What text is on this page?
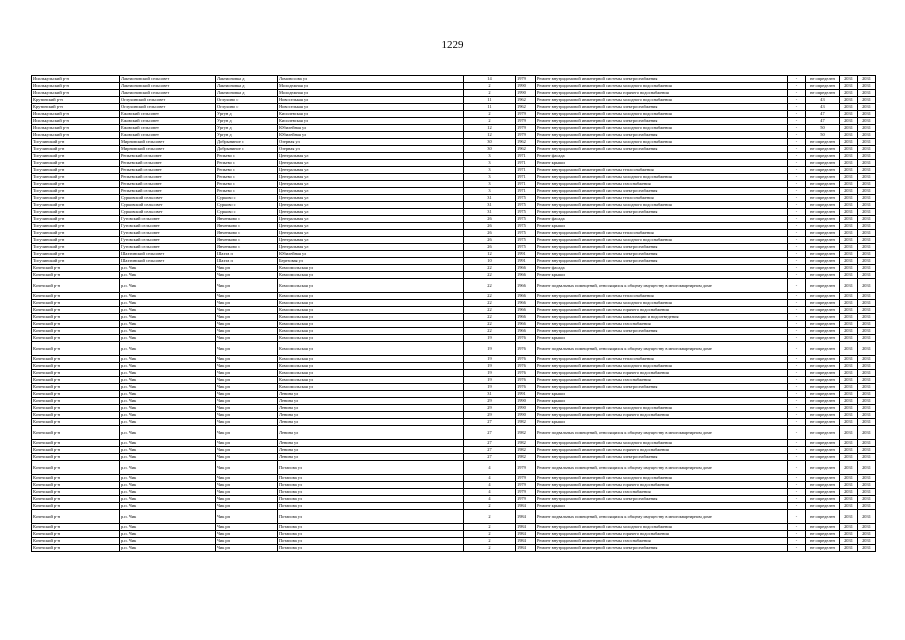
1229
Исилькульский р-н	Лактионовский сельсовет	Лактионовка д	Ломоносова ул	14	1979	Ремонт внутридомовой инженерной системы электроснабжения	-	не определен	2031	2031
Исилькульский р-н	Лактионовский сельсовет	Лактионовка д	Молодежная ул	2	1990	Ремонт внутридомовой инженерной системы холодного водоснабжения	-	не определен	2031	2031
Исилькульский р-н	Лактионовский сельсовет	Лактионовка д	Молодежная ул	2	1990	Ремонт внутридомовой инженерной системы горячего водоснабжения	-	не определен	2031	2031
Крутинский р-н	Оглухинский сельсовет	Оглухино с	Новоселькая ул	11	1962	Ремонт внутридомовой инженерной системы холодного водоснабжения	-	43	2031	2031
Крутинский р-н	Оглухинский сельсовет	Оглухино с	Новоселькая ул	11	1962	Ремонт внутридомовой инженерной системы электроснабжения	-	43	2031	2031
Исилькульский р-н	Ежовский сельсовет	Ургун д	Кисилевская ул	2	1979	Ремонт внутридомовой инженерной системы холодного водоснабжения	-	47	2031	2031
Исилькульский р-н	Ежовский сельсовет	Ургун д	Кисилевская ул	2	1979	Ремонт внутридомовой инженерной системы электроснабжения	-	47	2031	2031
Исилькульский р-н	Ежовский сельсовет	Ургун д	Юбилейная ул	12	1979	Ремонт внутридомовой инженерной системы холодного водоснабжения	-	50	2031	2031
Исилькульский р-н	Ежовский сельсовет	Ургун д	Юбилейная ул	12	1979	Ремонт внутридомовой инженерной системы электроснабжения	-	50	2031	2031
Тогучинский р-н	Мирновский сельсовет	Добрыниное с	Озерная ул	30	1962	Ремонт внутридомовой инженерной системы холодного водоснабжения	-	не определен	2031	2031
Тогучинский р-н	Мирновский сельсовет	Добрыниное с	Озерная ул	30	1962	Ремонт внутридомовой инженерной системы электроснабжения	-	не определен	2031	2031
Тогучинский р-н	Репьевский сельсовет	Репьево с	Центральная ул	3	1971	Ремонт фасада	-	не определен	2031	2031
Тогучинский р-н	Репьевский сельсовет	Репьево с	Центральная ул	3	1971	Ремонт крыши	-	не определен	2031	2031
Тогучинский р-н	Репьевский сельсовет	Репьево с	Центральная ул	3	1971	Ремонт внутридомовой инженерной системы теплоснабжения	-	не определен	2031	2031
Тогучинский р-н	Репьевский сельсовет	Репьево с	Центральная ул	3	1971	Ремонт внутридомовой инженерной системы холодного водоснабжения	-	не определен	2031	2031
Тогучинский р-н	Репьевский сельсовет	Репьево с	Центральная ул	3	1971	Ремонт внутридомовой инженерной системы газоснабжения	-	не определен	2031	2031
Тогучинский р-н	Репьевский сельсовет	Репьево с	Центральная ул	3	1971	Ремонт внутридомовой инженерной системы электроснабжения	-	не определен	2031	2031
Тогучинский р-н	Сурковский сельсовет	Сурково с	Центральная ул	31	1975	Ремонт внутридомовой инженерной системы теплоснабжения	-	не определен	2031	2031
Тогучинский р-н	Сурковский сельсовет	Сурково с	Центральная ул	31	1975	Ремонт внутридомовой инженерной системы холодного водоснабжения	-	не определен	2031	2031
Тогучинский р-н	Сурковский сельсовет	Сурково с	Центральная ул	31	1975	Ремонт внутридомовой инженерной системы электроснабжения	-	не определен	2031	2031
Тогучинский р-н	Гутовский сельсовет	Янченково с	Центральная ул	26	1975	Ремонт фасада	-	не определен	2031	2031
Тогучинский р-н	Гутовский сельсовет	Янченково с	Центральная ул	26	1975	Ремонт крыши	-	не определен	2031	2031
Тогучинский р-н	Гутовский сельсовет	Янченково с	Центральная ул	26	1975	Ремонт внутридомовой инженерной системы теплоснабжения	-	не определен	2031	2031
Тогучинский р-н	Гутовский сельсовет	Янченково с	Центральная ул	26	1975	Ремонт внутридомовой инженерной системы холодного водоснабжения	-	не определен	2031	2031
Тогучинский р-н	Гутовский сельсовет	Янченково с	Центральная ул	26	1975	Ремонт внутридомовой инженерной системы электроснабжения	-	не определен	2031	2031
Тогучинский р-н	Шахтинский сельсовет	Шахта п	Юбилейная ул	12	1991	Ремонт внутридомовой инженерной системы электроснабжения	-	не определен	2031	2031
Тогучинский р-н	Шахтинский сельсовет	Шахта п	Березовая ул	10	1991	Ремонт внутридомовой инженерной системы электроснабжения	-	не определен	2031	2031
Кочечский р-н	р.п. Чик	Чик рп	Комсомольская ул	22	1966	Ремонт фасада	-	не определен	2031	2031
Кочечский р-н	р.п. Чик	Чик рп	Комсомольская ул	22	1966	Ремонт крыши	-	не определен	2031	2031
Кочечский р-н	р.п. Чик	Чик рп	Комсомольская ул	22	1966	Ремонт подвальных помещений, относящихся к общему имуществу в многоквартирном доме	-	не определен	2031	2031
Кочечский р-н	р.п. Чик	Чик рп	Комсомольская ул	22	1966	Ремонт внутридомовой инженерной системы теплоснабжения	-	не определен	2031	2031
Кочечский р-н	р.п. Чик	Чик рп	Комсомольская ул	22	1966	Ремонт внутридомовой инженерной системы холодного водоснабжения	-	не определен	2031	2031
Кочечский р-н	р.п. Чик	Чик рп	Комсомольская ул	22	1966	Ремонт внутридомовой инженерной системы горячего водоснабжения	-	не определен	2031	2031
Кочечский р-н	р.п. Чик	Чик рп	Комсомольская ул	22	1966	Ремонт внутридомовой инженерной системы канализации и водоотведения	-	не определен	2031	2031
Кочечский р-н	р.п. Чик	Чик рп	Комсомольская ул	22	1966	Ремонт внутридомовой инженерной системы газоснабжения	-	не определен	2031	2031
Кочечский р-н	р.п. Чик	Чик рп	Комсомольская ул	22	1966	Ремонт внутридомовой инженерной системы электроснабжения	-	не определен	2031	2031
Кочечский р-н	р.п. Чик	Чик рп	Комсомольская ул	19	1976	Ремонт крыши	-	не определен	2031	2031
Кочечский р-н	р.п. Чик	Чик рп	Комсомольская ул	19	1976	Ремонт подвальных помещений, относящихся к общему имуществу в многоквартирном доме	-	не определен	2031	2031
Кочечский р-н	р.п. Чик	Чик рп	Комсомольская ул	19	1976	Ремонт внутридомовой инженерной системы теплоснабжения	-	не определен	2031	2031
Кочечский р-н	р.п. Чик	Чик рп	Комсомольская ул	19	1976	Ремонт внутридомовой инженерной системы холодного водоснабжения	-	не определен	2031	2031
Кочечский р-н	р.п. Чик	Чик рп	Комсомольская ул	19	1976	Ремонт внутридомовой инженерной системы горячего водоснабжения	-	не определен	2031	2031
Кочечский р-н	р.п. Чик	Чик рп	Комсомольская ул	19	1976	Ремонт внутридомовой инженерной системы газоснабжения	-	не определен	2031	2031
Кочечский р-н	р.п. Чик	Чик рп	Комсомольская ул	19	1976	Ремонт внутридомовой инженерной системы электроснабжения	-	не определен	2031	2031
Кочечский р-н	р.п. Чик	Чик рп	Ленина ул	31	1991	Ремонт крыши	-	не определен	2031	2031
Кочечский р-н	р.п. Чик	Чик рп	Ленина ул	29	1990	Ремонт крыши	-	не определен	2031	2031
Кочечский р-н	р.п. Чик	Чик рп	Ленина ул	29	1990	Ремонт внутридомовой инженерной системы холодного водоснабжения	-	не определен	2031	2031
Кочечский р-н	р.п. Чик	Чик рп	Ленина ул	29	1990	Ремонт внутридомовой инженерной системы горячего водоснабжения	-	не определен	2031	2031
Кочечский р-н	р.п. Чик	Чик рп	Ленина ул	27	1982	Ремонт крыши	-	не определен	2031	2031
Кочечский р-н	р.п. Чик	Чик рп	Ленина ул	27	1982	Ремонт подвальных помещений, относящихся к общему имуществу в многоквартирном доме	-	не определен	2031	2031
Кочечский р-н	р.п. Чик	Чик рп	Ленина ул	27	1982	Ремонт внутридомовой инженерной системы холодного водоснабжения	-	не определен	2031	2031
Кочечский р-н	р.п. Чик	Чик рп	Ленина ул	27	1982	Ремонт внутридомовой инженерной системы горячего водоснабжения	-	не определен	2031	2031
Кочечский р-н	р.п. Чик	Чик рп	Ленина ул	27	1982	Ремонт внутридомовой инженерной системы электроснабжения	-	не определен	2031	2031
Кочечский р-н	р.п. Чик	Чик рп	Потапова ул	4	1979	Ремонт подвальных помещений, относящихся к общему имуществу в многоквартирном доме	-	не определен	2031	2031
Кочечский р-н	р.п. Чик	Чик рп	Потапова ул	4	1979	Ремонт внутридомовой инженерной системы холодного водоснабжения	-	не определен	2031	2031
Кочечский р-н	р.п. Чик	Чик рп	Потапова ул	4	1979	Ремонт внутридомовой инженерной системы горячего водоснабжения	-	не определен	2031	2031
Кочечский р-н	р.п. Чик	Чик рп	Потапова ул	4	1979	Ремонт внутридомовой инженерной системы газоснабжения	-	не определен	2031	2031
Кочечский р-н	р.п. Чик	Чик рп	Потапова ул	4	1979	Ремонт внутридомовой инженерной системы электроснабжения	-	не определен	2031	2031
Кочечский р-н	р.п. Чик	Чик рп	Потапова ул	2	1984	Ремонт крыши	-	не определен	2031	2031
Кочечский р-н	р.п. Чик	Чик рп	Потапова ул	2	1984	Ремонт подвальных помещений, относящихся к общему имуществу в многоквартирном доме	-	не определен	2031	2031
Кочечский р-н	р.п. Чик	Чик рп	Потапова ул	2	1984	Ремонт внутридомовой инженерной системы холодного водоснабжения	-	не определен	2031	2031
Кочечский р-н	р.п. Чик	Чик рп	Потапова ул	2	1984	Ремонт внутридомовой инженерной системы горячего водоснабжения	-	не определен	2031	2031
Кочечский р-н	р.п. Чик	Чик рп	Потапова ул	2	1984	Ремонт внутридомовой инженерной системы газоснабжения	-	не определен	2031	2031
Кочечский р-н	р.п. Чик	Чик рп	Потапова ул	2	1984	Ремонт внутридомовой инженерной системы электроснабжения	-	не определен	2031	2031
